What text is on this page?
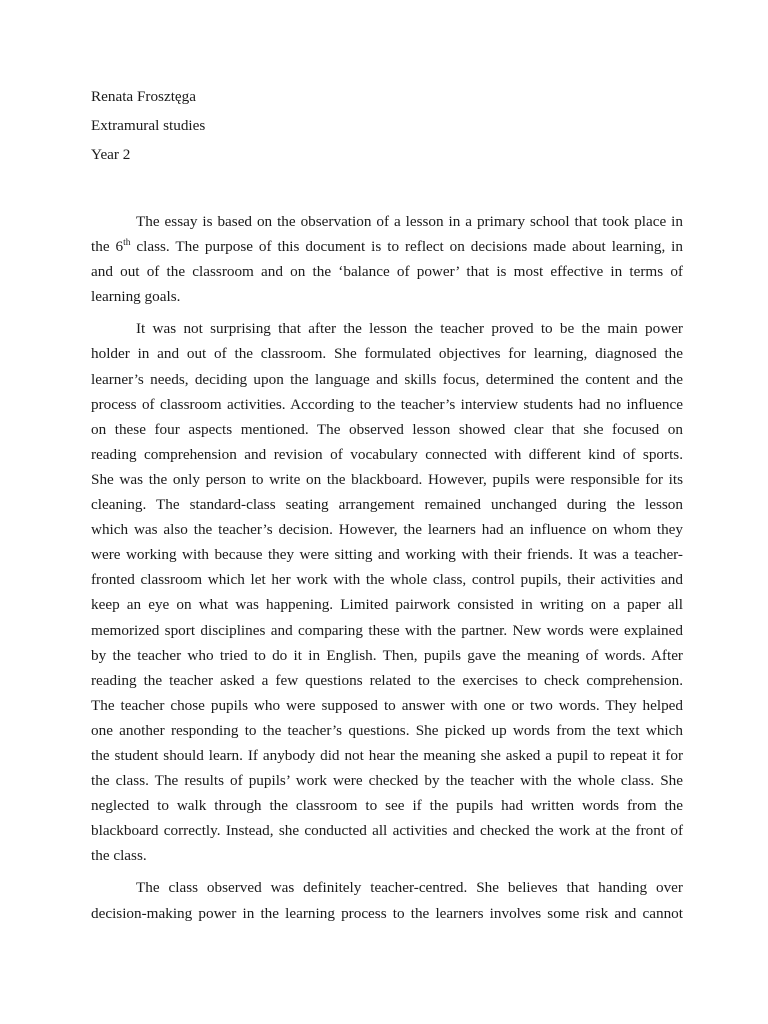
Renata Frosztęga
Extramural studies
Year 2
The essay is based on the observation of a lesson in a primary school that took place in
the 6th class. The purpose of this document is to reflect on decisions made about learning, in
and out of the classroom and on the ‘balance of power’ that is most effective in terms of
learning goals.
It was not surprising that after the lesson the teacher proved to be the main power
holder in and out of the classroom. She formulated objectives for learning, diagnosed the
learner’s needs, deciding upon the language and skills focus, determined the content and the
process of classroom activities. According to the teacher’s interview students had no influence
on these four aspects mentioned. The observed lesson showed clear that she focused on
reading comprehension and revision of vocabulary connected with different kind of sports.
She was the only person to write on the blackboard. However, pupils were responsible for its
cleaning. The standard-class seating arrangement remained unchanged during the lesson
which was also the teacher’s decision. However, the learners had an influence on whom they
were working with because they were sitting and working with their friends. It was a teacher-
fronted classroom which let her work with the whole class, control pupils, their activities and
keep an eye on what was happening. Limited pairwork consisted in writing on a paper all
memorized sport disciplines and comparing these with the partner. New words were explained
by the teacher who tried to do it in English. Then, pupils gave the meaning of words. After
reading the teacher asked a few questions related to the exercises to check comprehension.
The teacher chose pupils who were supposed to answer with one or two words. They helped
one another responding to the teacher’s questions. She picked up words from the text which
the student should learn. If anybody did not hear the meaning she asked a pupil to repeat it for
the class. The results of pupils’ work were checked by the teacher with the whole class. She
neglected to walk through the classroom to see if the pupils had written words from the
blackboard correctly. Instead, she conducted all activities and checked the work at the front of
the class.
The class observed was definitely teacher-centred. She believes that handing over
decision-making power in the learning process to the learners involves some risk and cannot
